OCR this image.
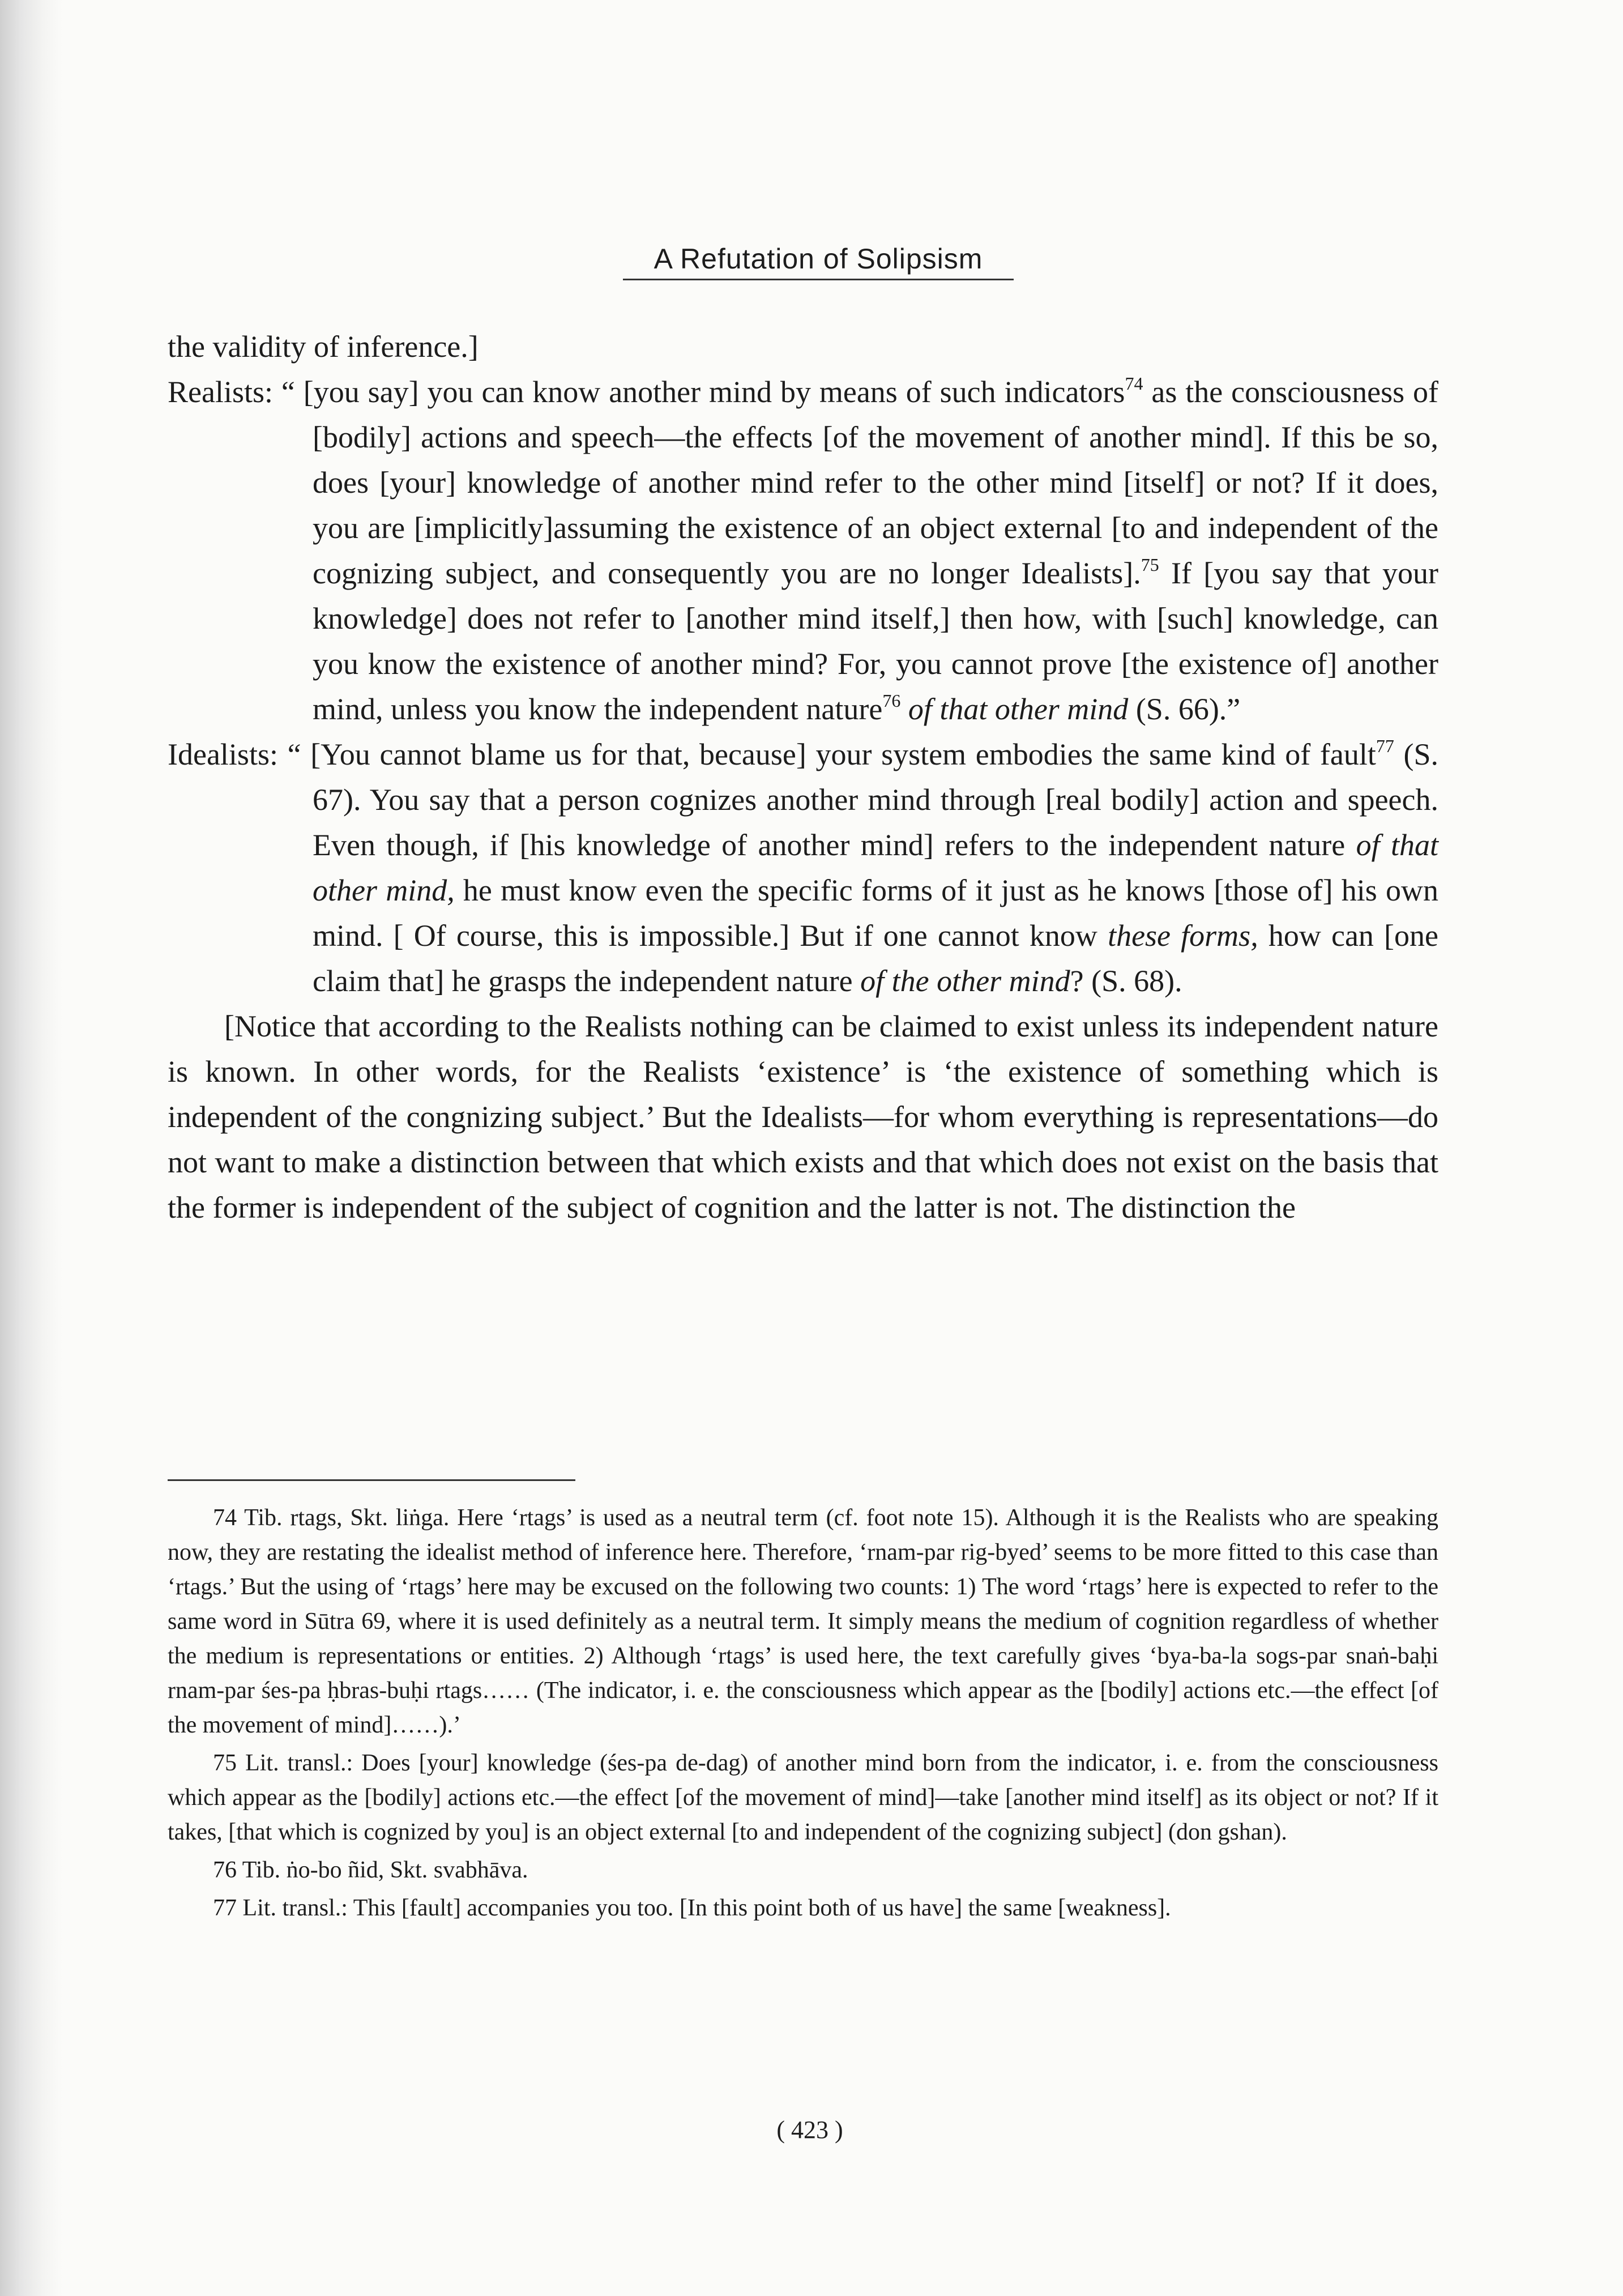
A Refutation of Solipsism

the validity of inference.]

Realists: “ [you say] you can know another mind by means of such indicators$^{74}$ as the consciousness of [bodily] actions and speech—the effects [of the movement of another mind]. If this be so, does [your] knowledge of another mind refer to the other mind [itself] or not? If it does, you are [implicitly]assuming the existence of an object external [to and independent of the cognizing subject, and consequently you are no longer Idealists].$^{75}$ If [you say that your knowledge] does not refer to [another mind itself,] then how, with [such] knowledge, can you know the existence of another mind? For, you cannot prove [the existence of] another mind, unless you know the independent nature$^{76}$ of that other mind (S. 66).”

Idealists: “ [You cannot blame us for that, because] your system embodies the same kind of fault$^{77}$ (S. 67). You say that a person cognizes another mind through [real bodily] action and speech. Even though, if [his knowledge of another mind] refers to the independent nature of that other mind, he must know even the specific forms of it just as he knows [those of] his own mind. [ Of course, this is impossible.] But if one cannot know these forms, how can [one claim that] he grasps the independent nature of the other mind? (S. 68).

[Notice that according to the Realists nothing can be claimed to exist unless its independent nature is known. In other words, for the Realists ‘existence’ is ‘the existence of something which is independent of the congnizing subject.’ But the Idealists—for whom everything is representations—do not want to make a distinction between that which exists and that which does not exist on the basis that the former is independent of the subject of cognition and the latter is not. The distinction the

74 Tib. rtags, Skt. liṅga. Here ‘rtags’ is used as a neutral term (cf. foot note 15). Although it is the Realists who are speaking now, they are restating the idealist method of inference here. Therefore, ‘rnam-par rig-byed’ seems to be more fitted to this case than ‘rtags.’ But the using of ‘rtags’ here may be excused on the following two counts: 1) The word ‘rtags’ here is expected to refer to the same word in Sūtra 69, where it is used definitely as a neutral term. It simply means the medium of cognition regardless of whether the medium is representations or entities. 2) Although ‘rtags’ is used here, the text carefully gives ‘bya-ba-la sogs-par snaṅ-baḥi rnam-par śes-pa ḥbras-buḥi rtags…… (The indicator, i. e. the consciousness which appear as the [bodily] actions etc.—the effect [of the movement of mind]……).’

75 Lit. transl.: Does [your] knowledge (śes-pa de-dag) of another mind born from the indicator, i. e. from the consciousness which appear as the [bodily] actions etc.—the effect [of the movement of mind]—take [another mind itself] as its object or not? If it takes, [that which is cognized by you] is an object external [to and independent of the cognizing subject] (don gshan).

76 Tib. ṅo-bo ñid, Skt. svabhāva.

77 Lit. transl.: This [fault] accompanies you too. [In this point both of us have] the same [weakness].

( 423 )
